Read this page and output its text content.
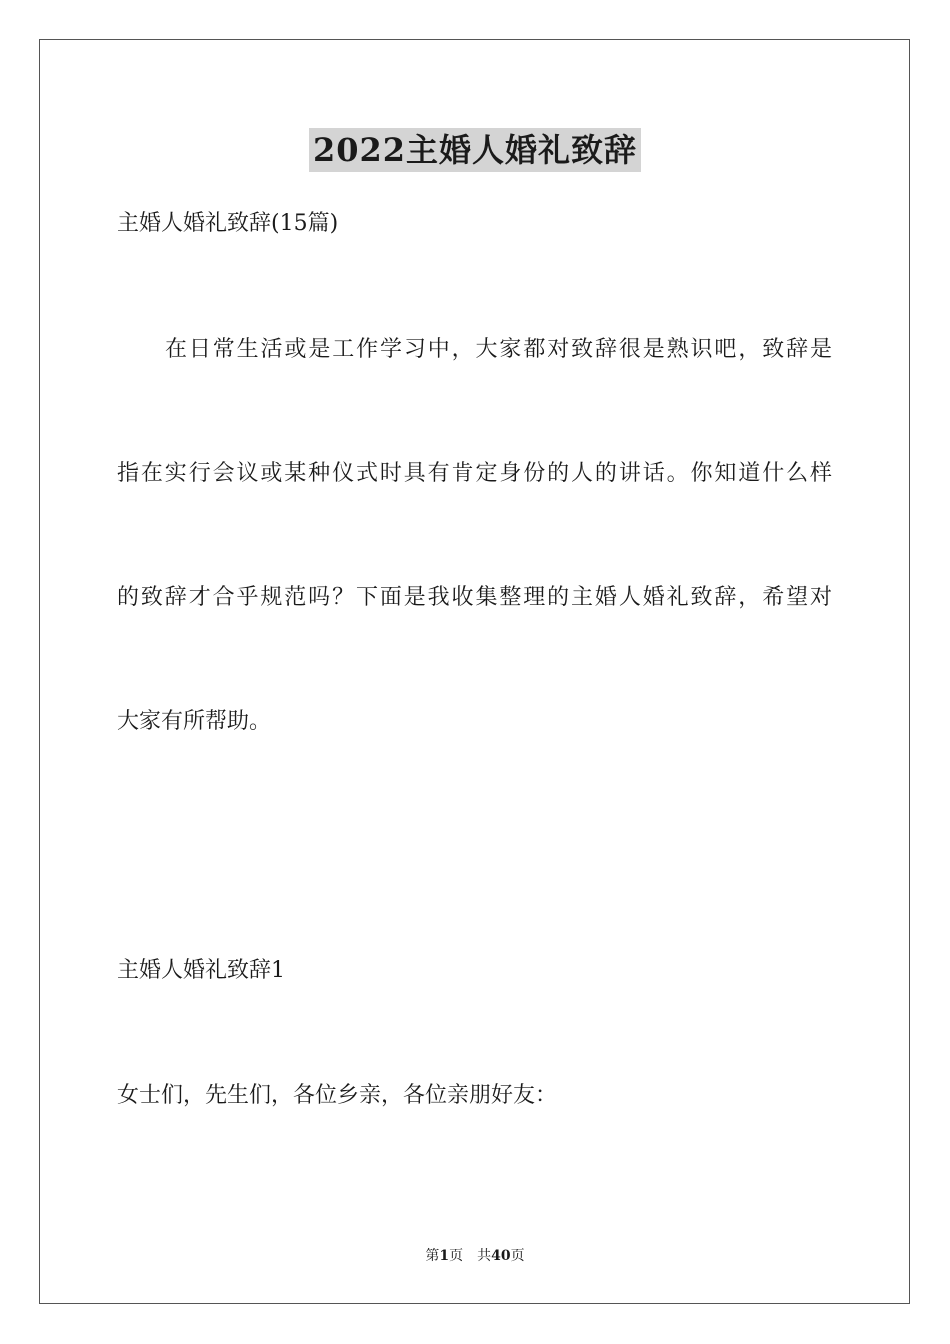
2022主婚人婚礼致辞
主婚人婚礼致辞(15篇)
在日常生活或是工作学习中，大家都对致辞很是熟识吧，致辞是
指在实行会议或某种仪式时具有肯定身份的人的讲话。你知道什么样
的致辞才合乎规范吗？下面是我收集整理的主婚人婚礼致辞，希望对
大家有所帮助。
主婚人婚礼致辞1
女士们，先生们，各位乡亲，各位亲朋好友：
第1页 共40页
